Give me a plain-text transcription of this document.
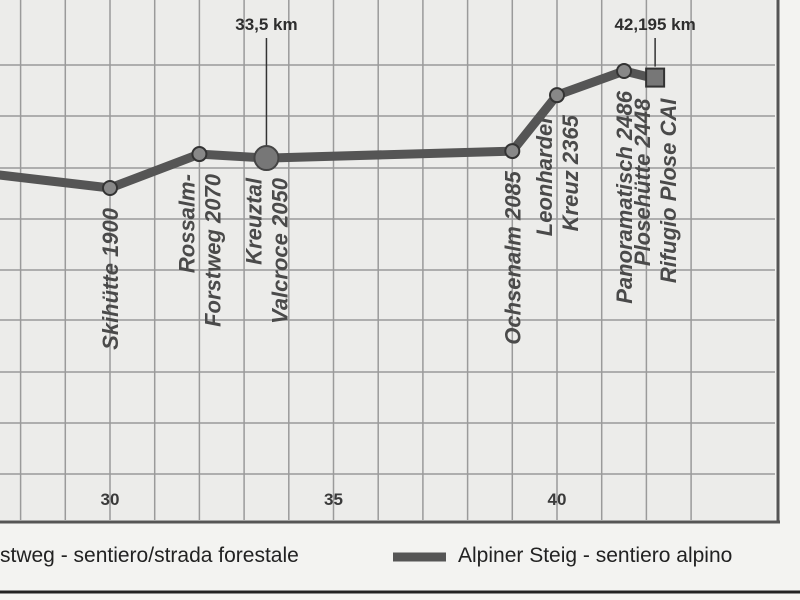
30	35	40
Skihütte 1900 Rossalm- Forstweg 2070 Kreuztal Valcroce 2050	Ochsenalm 2085 Leonharder Kreuz 2365 Panoramatisch 2486
Plosehütte 2448 Rifugio Plose CAI
33,5 km	42,195 km
stweg - sentiero/strada forestale	Alpiner Steig - sentiero alpino
